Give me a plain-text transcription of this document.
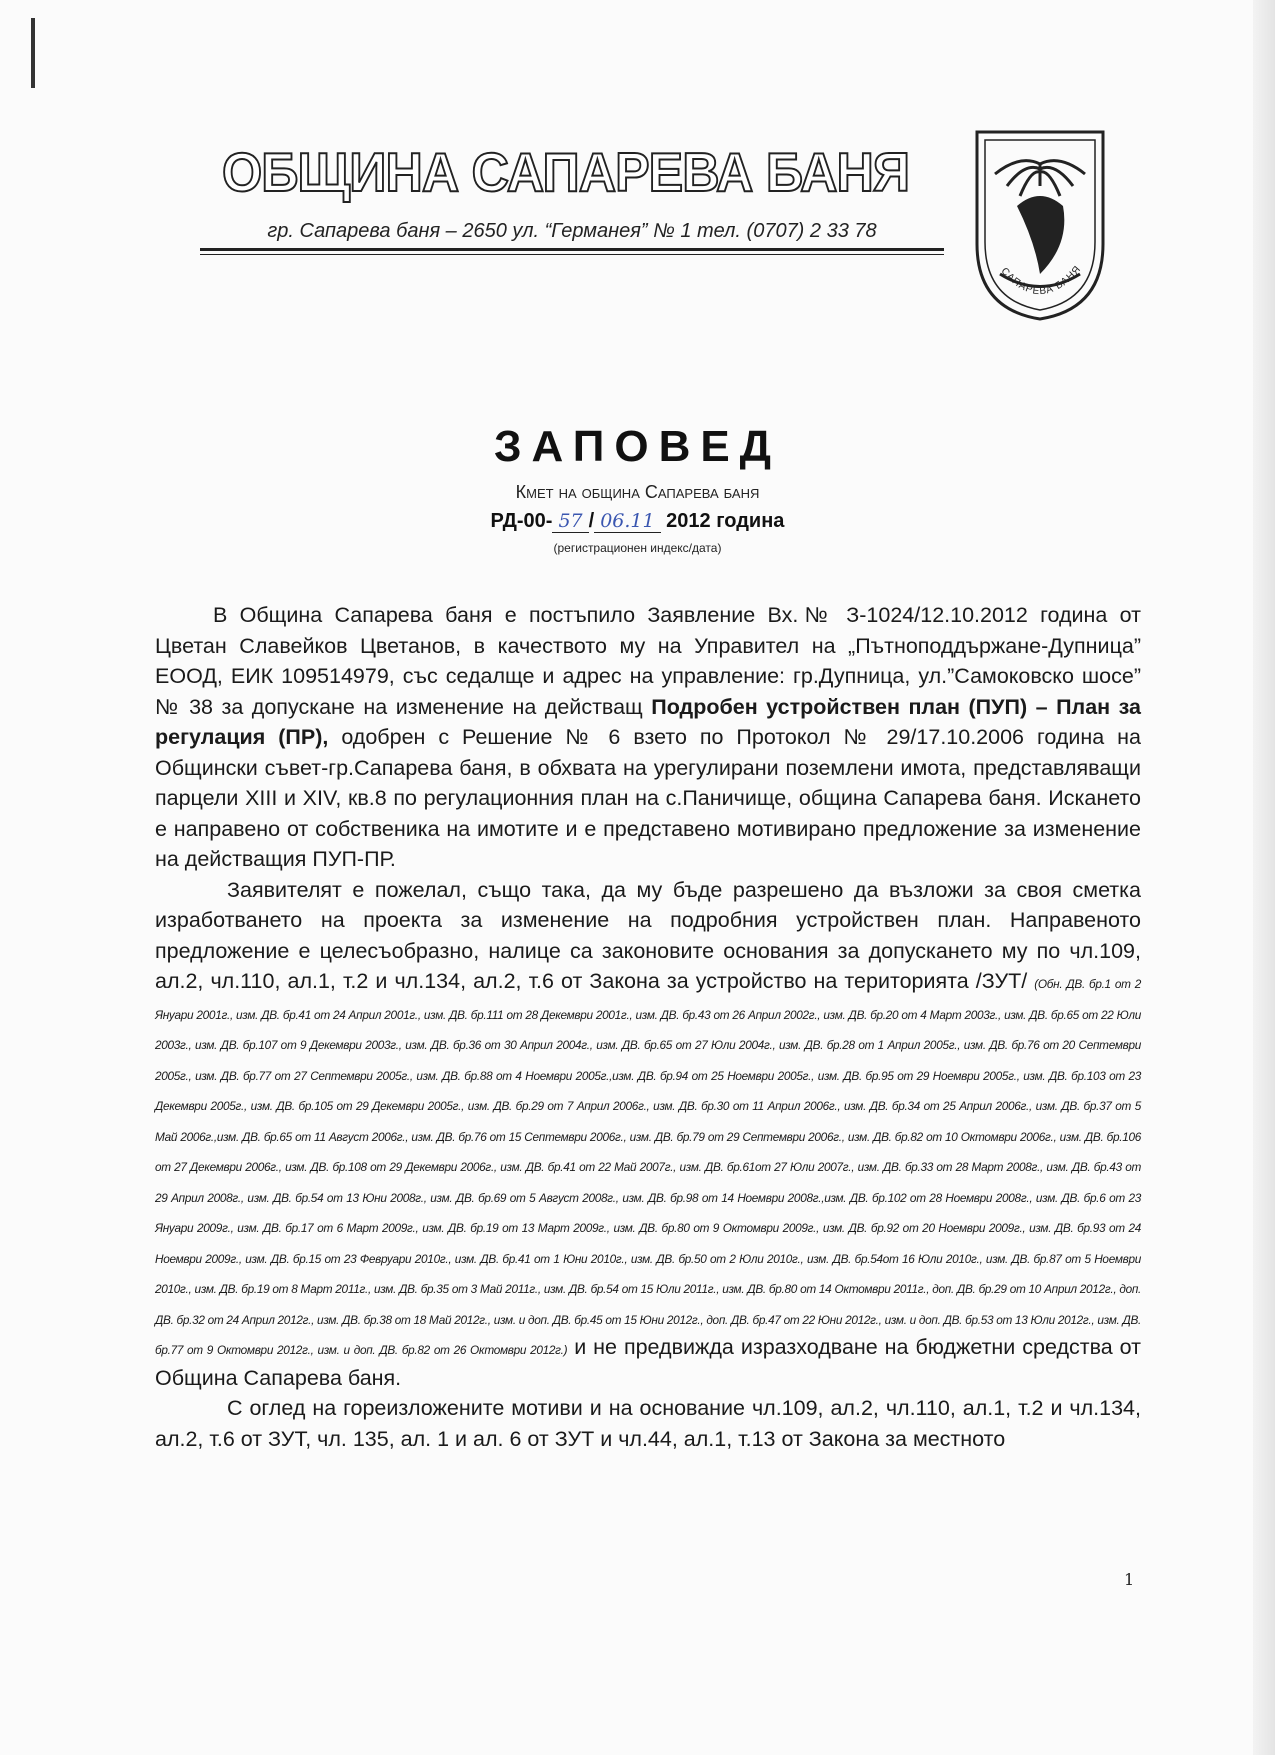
ОБЩИНА САПАРЕВА БАНЯ
гр. Сапарева баня – 2650 ул. “Германея” № 1 тел. (0707) 2 33 78
САПАРЕВА БАНЯ
ЗАПОВЕД
Кмет на община Сапарева баня
РД-00- 57 / 06.11 2012 година
(регистрационен индекс/дата)

В Община Сапарева баня е постъпило Заявление Вх.№ З-1024/12.10.2012 година от Цветан Славейков Цветанов, в качеството му на Управител на „Пътноподдържане-Дупница” ЕООД, ЕИК 109514979, със седалще и адрес на управление: гр.Дупница, ул.”Самоковско шосе” № 38 за допускане на изменение на действащ Подробен устройствен план (ПУП) – План за регулация (ПР), одобрен с Решение № 6 взето по Протокол № 29/17.10.2006 година на Общински съвет-гр.Сапарева баня, в обхвата на урегулирани поземлени имота, представляващи парцели XIII и XIV, кв.8 по регулационния план на с.Паничище, община Сапарева баня. Искането е направено от собственика на имотите и е представено мотивирано предложение за изменение на действащия ПУП-ПР.

Заявителят е пожелал, също така, да му бъде разрешено да възложи за своя сметка изработването на проекта за изменение на подробния устройствен план. Направеното предложение е целесъобразно, налице са законовите основания за допускането му по чл.109, ал.2, чл.110, ал.1, т.2 и чл.134, ал.2, т.6 от Закона за устройство на територията /ЗУТ/ (Обн. ДВ. бр.1 от 2 Януари 2001г., изм. ДВ. бр.41 от 24 Април 2001г., изм. ДВ. бр.111 от 28 Декември 2001г., изм. ДВ. бр.43 от 26 Април 2002г., изм. ДВ. бр.20 от 4 Март 2003г., изм. ДВ. бр.65 от 22 Юли 2003г., изм. ДВ. бр.107 от 9 Декември 2003г., изм. ДВ. бр.36 от 30 Април 2004г., изм. ДВ. бр.65 от 27 Юли 2004г., изм. ДВ. бр.28 от 1 Април 2005г., изм. ДВ. бр.76 от 20 Септември 2005г., изм. ДВ. бр.77 от 27 Септември 2005г., изм. ДВ. бр.88 от 4 Ноември 2005г.,изм. ДВ. бр.94 от 25 Ноември 2005г., изм. ДВ. бр.95 от 29 Ноември 2005г., изм. ДВ. бр.103 от 23 Декември 2005г., изм. ДВ. бр.105 от 29 Декември 2005г., изм. ДВ. бр.29 от 7 Април 2006г., изм. ДВ. бр.30 от 11 Април 2006г., изм. ДВ. бр.34 от 25 Април 2006г., изм. ДВ. бр.37 от 5 Май 2006г.,изм. ДВ. бр.65 от 11 Август 2006г., изм. ДВ. бр.76 от 15 Септември 2006г., изм. ДВ. бр.79 от 29 Септември 2006г., изм. ДВ. бр.82 от 10 Октомври 2006г., изм. ДВ. бр.106 от 27 Декември 2006г., изм. ДВ. бр.108 от 29 Декември 2006г., изм. ДВ. бр.41 от 22 Май 2007г., изм. ДВ. бр.61от 27 Юли 2007г., изм. ДВ. бр.33 от 28 Март 2008г., изм. ДВ. бр.43 от 29 Април 2008г., изм. ДВ. бр.54 от 13 Юни 2008г., изм. ДВ. бр.69 от 5 Август 2008г., изм. ДВ. бр.98 от 14 Ноември 2008г.,изм. ДВ. бр.102 от 28 Ноември 2008г., изм. ДВ. бр.6 от 23 Януари 2009г., изм. ДВ. бр.17 от 6 Март 2009г., изм. ДВ. бр.19 от 13 Март 2009г., изм. ДВ. бр.80 от 9 Октомври 2009г., изм. ДВ. бр.92 от 20 Ноември 2009г., изм. ДВ. бр.93 от 24 Ноември 2009г., изм. ДВ. бр.15 от 23 Февруари 2010г., изм. ДВ. бр.41 от 1 Юни 2010г., изм. ДВ. бр.50 от 2 Юли 2010г., изм. ДВ. бр.54от 16 Юли 2010г., изм. ДВ. бр.87 от 5 Ноември 2010г., изм. ДВ. бр.19 от 8 Март 2011г., изм. ДВ. бр.35 от 3 Май 2011г., изм. ДВ. бр.54 от 15 Юли 2011г., изм. ДВ. бр.80 от 14 Октомври 2011г., доп. ДВ. бр.29 от 10 Април 2012г., доп. ДВ. бр.32 от 24 Април 2012г., изм. ДВ. бр.38 от 18 Май 2012г., изм. и доп. ДВ. бр.45 от 15 Юни 2012г., доп. ДВ. бр.47 от 22 Юни 2012г., изм. и доп. ДВ. бр.53 от 13 Юли 2012г., изм. ДВ. бр.77 от 9 Октомври 2012г., изм. и доп. ДВ. бр.82 от 26 Октомври 2012г.) и не предвижда изразходване на бюджетни средства от Община Сапарева баня.

С оглед на гореизложените мотиви и на основание чл.109, ал.2, чл.110, ал.1, т.2 и чл.134, ал.2, т.6 от ЗУТ, чл. 135, ал. 1 и ал. 6 от ЗУТ и чл.44, ал.1, т.13 от Закона за местното

1
